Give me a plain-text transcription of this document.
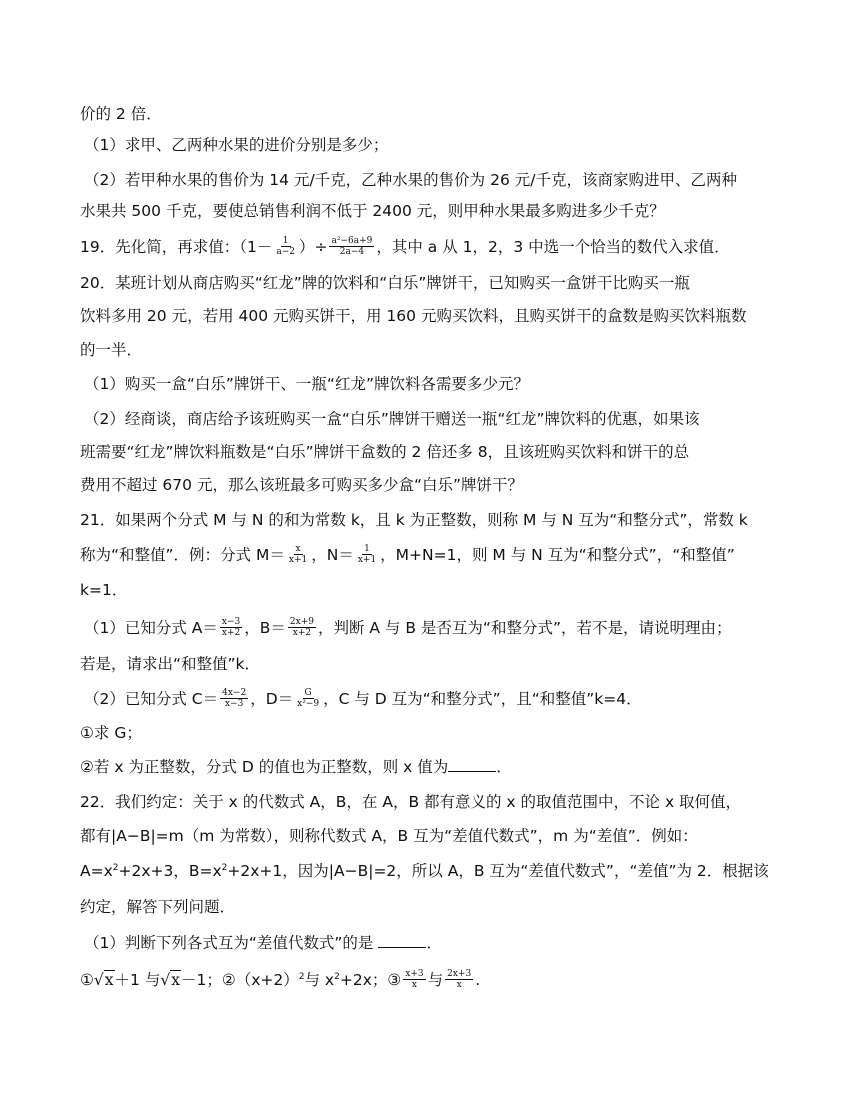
价的 2 倍．
（1）求甲、乙两种水果的进价分别是多少；
（2）若甲种水果的售价为 14 元/千克，乙种水果的售价为 26 元/千克，该商家购进甲、乙两种
水果共 500 千克，要使总销售利润不低于 2400 元，则甲种水果最多购进多少千克？
19．先化简，再求值：（$1- \frac{1}{a-2}$ ）÷ $\frac{\text{a²−6a+9}}{2a-4}$ ，其中 a 从 1，2，3 中选一个恰当的数代入求值．
20．某班计划从商店购买“红龙”牌的饮料和“白乐”牌饼干，已知购买一盒饼干比购买一瓶
饮料多用 20 元，若用 400 元购买饼干，用 160 元购买饮料，且购买饼干的盒数是购买饮料瓶数
的一半．
（1）购买一盒“白乐”牌饼干、一瓶“红龙”牌饮料各需要多少元？
（2）经商谈，商店给予该班购买一盒“白乐”牌饼干赠送一瓶“红龙”牌饮料的优惠，如果该
班需要“红龙”牌饮料瓶数是“白乐”牌饼干盒数的 2 倍还多 8，且该班购买饮料和饼干的总
费用不超过 670 元，那么该班最多可购买多少盒“白乐”牌饼干？
21．如果两个分式 M 与 N 的和为常数 k，且 k 为正整数，则称 M 与 N 互为“和整分式”，常数 k
称为“和整值”．例：分式 $M= \frac{x}{x+1}$ ，$N= \frac{1}{x+1}$ ，M+N=1，则 M 与 N 互为“和整分式”，“和整值”
k=1．
（1）已知分式 $A= \frac{x-3}{x+2}$ ，$B= \frac{2x+9}{x+2}$ ，判断 A 与 B 是否互为“和整分式”，若不是，请说明理由；
若是，请求出“和整值”k．
（2）已知分式 $C= \frac{4x-2}{x-3}$ ，$D= \frac{G}{\text{x²−9}}$ ，C 与 D 互为“和整分式”，且“和整值”k=4．
①求 G；
②若 x 为正整数，分式 D 的值也为正整数，则 x 值为	．
22．我们约定：关于 x 的代数式 A，B，在 A，B 都有意义的 x 的取值范围中，不论 x 取何值，
都有|A−B|=m（m 为常数），则称代数式 A，B 互为“差值代数式”，m 为“差值”．例如：
$A=x^2+2x+3$，$B=x^2+2x+1$，因为|A−B|=2，所以 A，B 互为“差值代数式”，“差值”为 2．根据该
约定，解答下列问题．
（1）判断下列各式互为“差值代数式”的是	．
①√x＋1 与√x－1；$②(x+2)^2$与 $x^2+2x$；③ $\frac{x+3}{x}$ 与 $\frac{2x+3}{x}$ .
